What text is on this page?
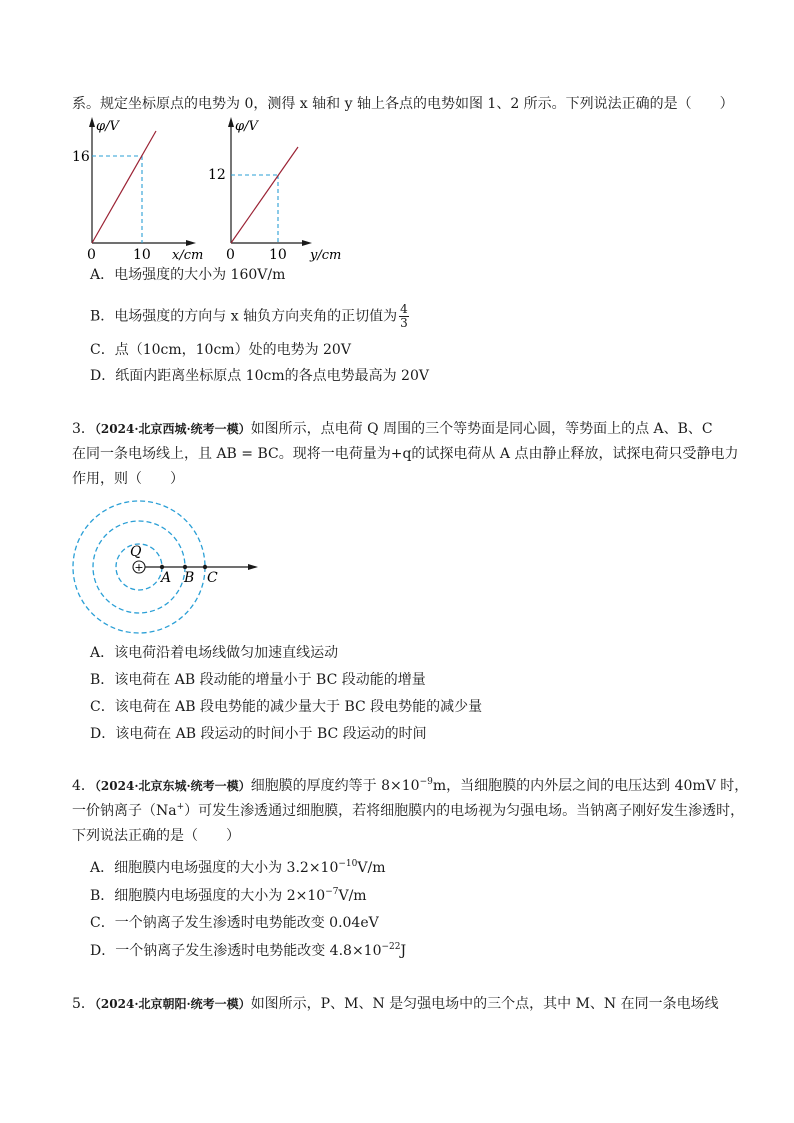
系。规定坐标原点的电势为 0，测得 x 轴和 y 轴上各点的电势如图 1、2 所示。下列说法正确的是（　　）
φ/V
16
0	10 x/cm
φ/V
12
0 10 y/cm
A．电场强度的大小为 160V/m
B．电场强度的方向与 x 轴负方向夹角的正切值为 $\frac{4}{3}$
C．点（10cm，10cm）处的电势为 20V
D．纸面内距离坐标原点 10cm的各点电势最高为 20V
3．（2024·北京西城·统考一模）如图所示，点电荷 Q 周围的三个等势面是同心圆，等势面上的点 A、B、C
在同一条电场线上，且 AB = BC。现将一电荷量为+q的试探电荷从 A 点由静止释放，试探电荷只受静电力
作用，则（　　）
+
Q
A B C
A．该电荷沿着电场线做匀加速直线运动
B．该电荷在 AB 段动能的增量小于 BC 段动能的增量
C．该电荷在 AB 段电势能的减少量大于 BC 段电势能的减少量
D．该电荷在 AB 段运动的时间小于 BC 段运动的时间
4．（2024·北京东城·统考一模）细胞膜的厚度约等于 $8\times 10^{-9}m$，当细胞膜的内外层之间的电压达到 40mV 时，
一价钠离子（Na+）可发生渗透通过细胞膜，若将细胞膜内的电场视为匀强电场。当钠离子刚好发生渗透时，
下列说法正确的是（　　）
A．细胞膜内电场强度的大小为 $3.2\times 10^{-10}V/m$
B．细胞膜内电场强度的大小为 $2\times 10^{-7}V/m$
C．一个钠离子发生渗透时电势能改变 0.04eV
D．一个钠离子发生渗透时电势能改变 $4.8\times 10^{-22}J$
5．（2024·北京朝阳·统考一模）如图所示，P、M、N 是匀强电场中的三个点，其中 M、N 在同一条电场线
